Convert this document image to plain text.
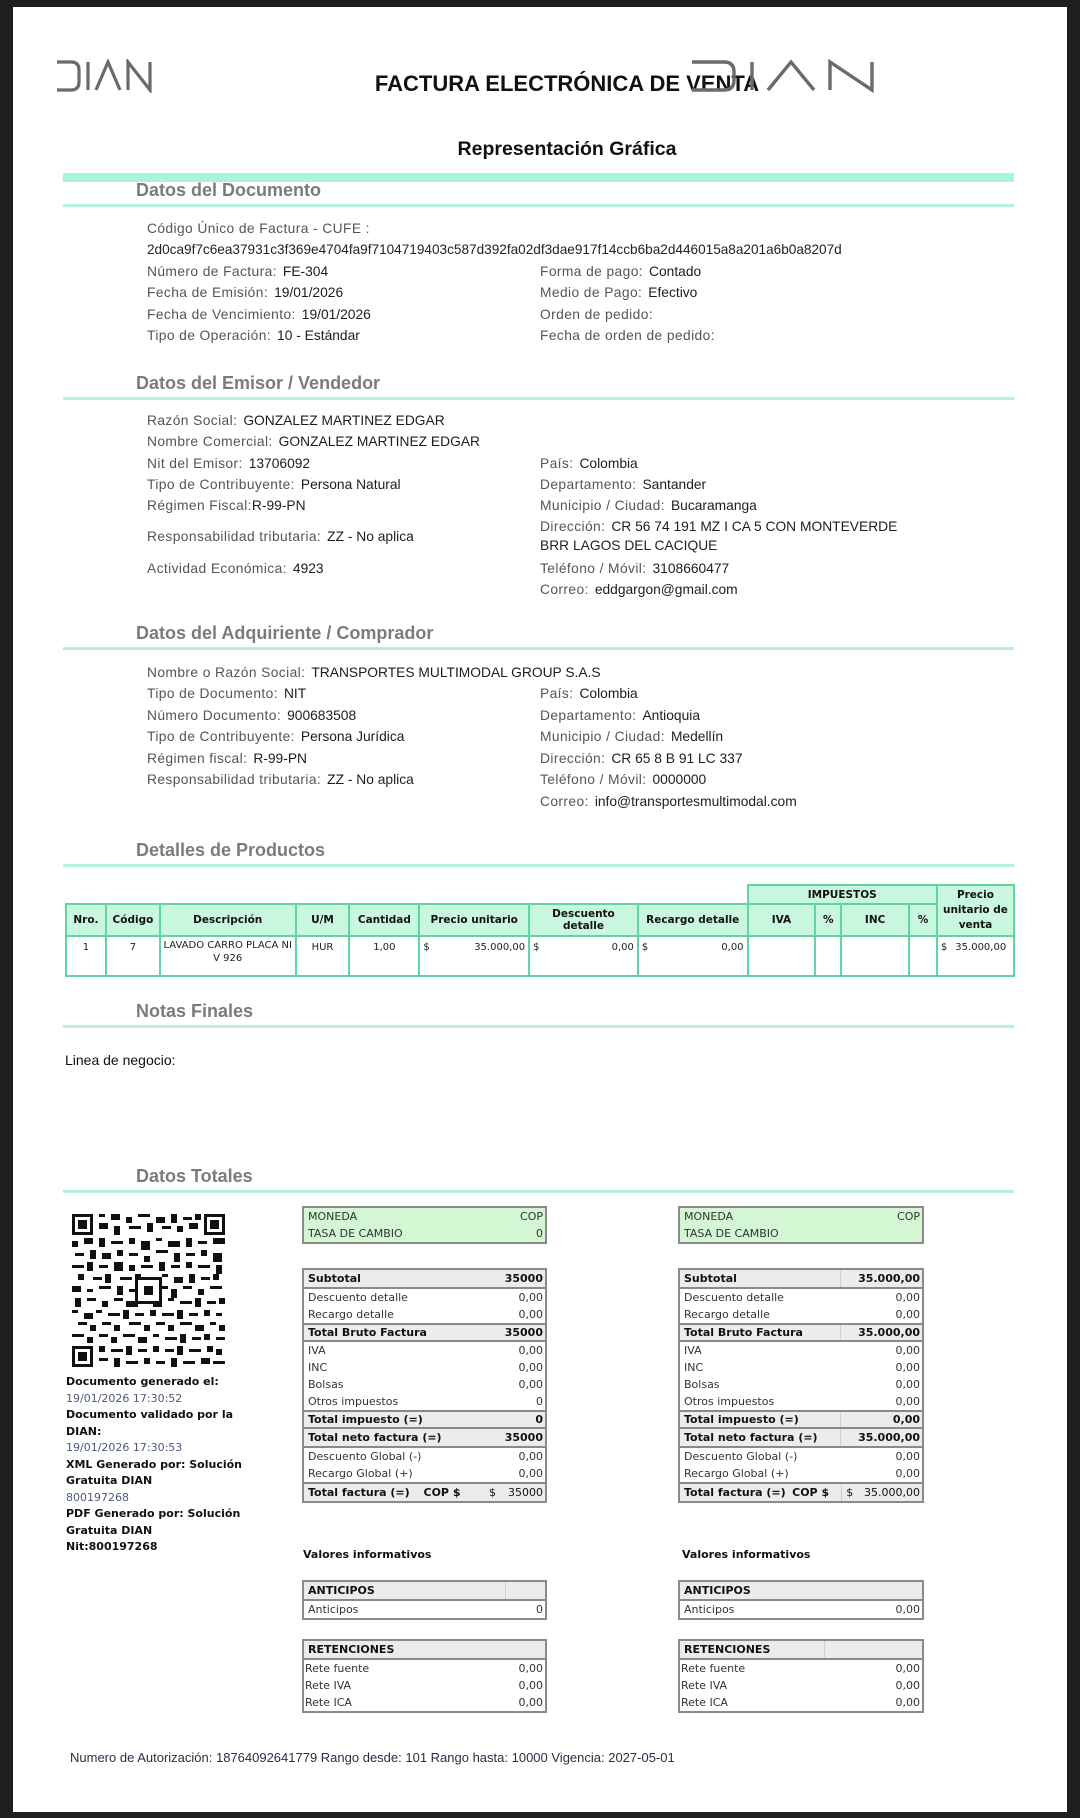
FACTURA ELECTRÓNICA DE VENTA
Representación Gráfica
Datos del Documento
Código Único de Factura - CUFE :
2d0ca9f7c6ea37931c3f369e4704fa9f7104719403c587d392fa02df3dae917f14ccb6ba2d446015a8a201a6b0a8207d
Número de Factura: FE-304
Fecha de Emisión: 19/01/2026
Fecha de Vencimiento: 19/01/2026
Tipo de Operación: 10 - Estándar
Forma de pago: Contado
Medio de Pago: Efectivo
Orden de pedido:
Fecha de orden de pedido:
Datos del Emisor / Vendedor
Razón Social: GONZALEZ MARTINEZ EDGAR
Nombre Comercial: GONZALEZ MARTINEZ EDGAR
Nit del Emisor: 13706092
Tipo de Contribuyente: Persona Natural
Régimen Fiscal:R-99-PN
Responsabilidad tributaria: ZZ - No aplica
Actividad Económica: 4923
País: Colombia
Departamento: Santander
Municipio / Ciudad: Bucaramanga
Dirección: CR 56 74 191 MZ I CA 5 CON MONTEVERDE
BRR LAGOS DEL CACIQUE
Teléfono / Móvil: 3108660477
Correo: eddgargon@gmail.com
Datos del Adquiriente / Comprador
Nombre o Razón Social: TRANSPORTES MULTIMODAL GROUP S.A.S
Tipo de Documento: NIT
Número Documento: 900683508
Tipo de Contribuyente: Persona Jurídica
Régimen fiscal: R-99-PN
Responsabilidad tributaria: ZZ - No aplica
País: Colombia
Departamento: Antioquia
Municipio / Ciudad: Medellín
Dirección: CR 65 8 B 91 LC 337
Teléfono / Móvil: 0000000
Correo: info@transportesmultimodal.com
Detalles de Productos
								IMPUESTOS				Precio unitario de venta
Nro.	Código	Descripción	U/M	Cantidad	Precio unitario	Descuento detalle	Recargo detalle	IVA	%	INC	%	
1	7	LAVADO CARRO PLACA NI V 926	HUR	1,00	$ 35.000,00	$ 0,00	$ 0,00					$ 35.000,00
Notas Finales
Linea de negocio:
Datos Totales
Documento generado el:
19/01/2026 17:30:52
Documento validado por la DIAN:
19/01/2026 17:30:53
XML Generado por: Solución Gratuita DIAN
800197268
PDF Generado por: Solución Gratuita DIAN
Nit:800197268
MONEDA	COP
TASA DE CAMBIO	0
Subtotal	35000
Descuento detalle	0,00
Recargo detalle	0,00
Total Bruto Factura	35000
IVA	0,00
INC	0,00
Bolsas	0,00
Otros impuestos	0
Total impuesto (=)	0
Total neto factura (=)	35000
Descuento Global (-)	0,00
Recargo Global (+)	0,00
Total factura (=)	COP $	$ 35000
Valores informativos
ANTICIPOS
Anticipos	0
RETENCIONES
Rete fuente	0,00
Rete IVA	0,00
Rete ICA	0,00
MONEDA	COP
TASA DE CAMBIO
Subtotal	35.000,00
Descuento detalle	0,00
Recargo detalle	0,00
Total Bruto Factura	35.000,00
IVA	0,00
INC	0,00
Bolsas	0,00
Otros impuestos	0,00
Total impuesto (=)	0,00
Total neto factura (=)	35.000,00
Descuento Global (-)	0,00
Recargo Global (+)	0,00
Total factura (=) COP $	$ 35.000,00
Valores informativos
ANTICIPOS
Anticipos	0,00
RETENCIONES
Rete fuente	0,00
Rete IVA	0,00
Rete ICA	0,00
Numero de Autorización: 18764092641779 Rango desde: 101 Rango hasta: 10000 Vigencia: 2027-05-01
